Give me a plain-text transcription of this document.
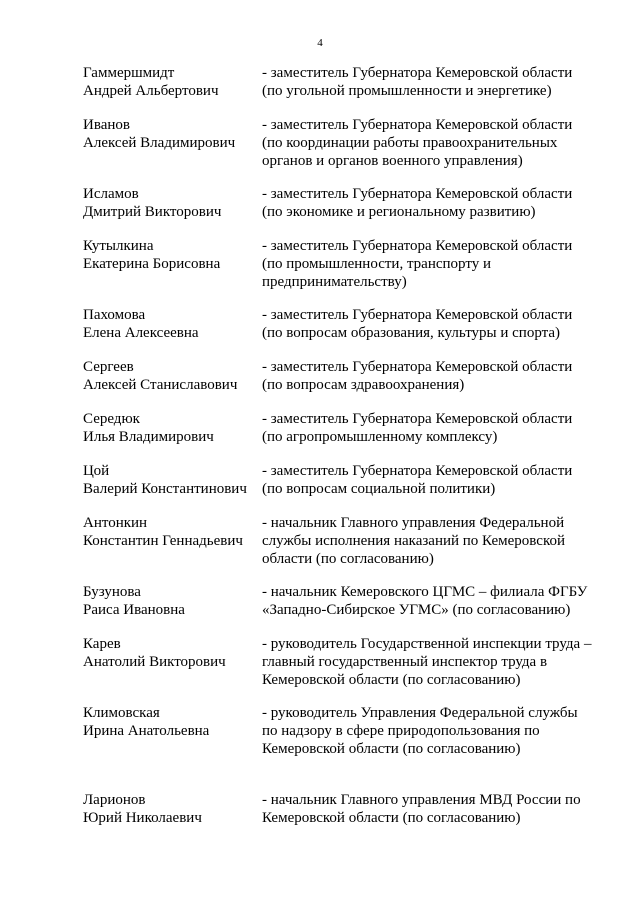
4
Гаммершмидт
Андрей Альбертович
- заместитель Губернатора Кемеровской области
(по угольной промышленности и энергетике)
Иванов
Алексей Владимирович
- заместитель Губернатора Кемеровской области
(по координации работы правоохранительных
органов и органов военного управления)
Исламов
Дмитрий Викторович
- заместитель Губернатора Кемеровской области
(по экономике и региональному развитию)
Кутылкина
Екатерина Борисовна
- заместитель Губернатора Кемеровской области
(по промышленности, транспорту и
предпринимательству)
Пахомова
Елена Алексеевна
- заместитель Губернатора Кемеровской области
(по вопросам образования, культуры и спорта)
Сергеев
Алексей Станиславович
- заместитель Губернатора Кемеровской области
(по вопросам здравоохранения)
Середюк
Илья Владимирович
- заместитель Губернатора Кемеровской области
(по агропромышленному комплексу)
Цой
Валерий Константинович
- заместитель Губернатора Кемеровской области
(по вопросам социальной политики)
Антонкин
Константин Геннадьевич
- начальник Главного управления Федеральной
службы исполнения наказаний по Кемеровской
области (по согласованию)
Бузунова
Раиса Ивановна
- начальник Кемеровского ЦГМС – филиала ФГБУ
«Западно-Сибирское УГМС» (по согласованию)
Карев
Анатолий Викторович
- руководитель Государственной инспекции труда –
главный государственный инспектор труда в
Кемеровской области (по согласованию)
Климовская
Ирина Анатольевна
- руководитель Управления Федеральной службы
по надзору в сфере природопользования по
Кемеровской области (по согласованию)
Ларионов
Юрий Николаевич
- начальник Главного управления МВД России по
Кемеровской области (по согласованию)
